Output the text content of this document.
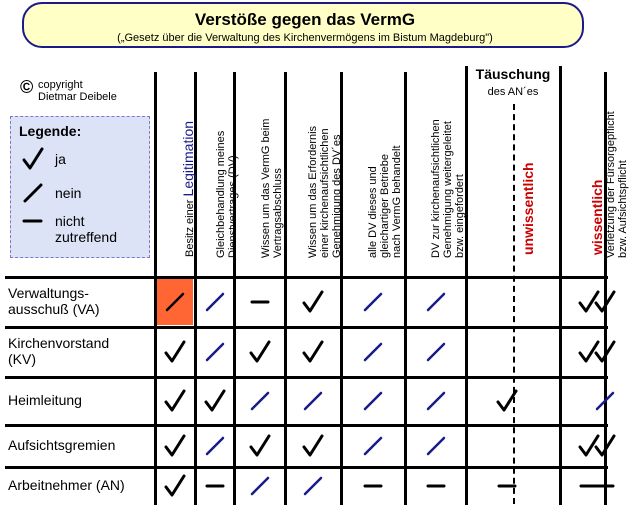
Verstöße gegen das VermG
(„Gesetz über die Verwaltung des Kirchenvermögens im Bistum Magdeburg")
© copyright
Dietmar Deibele
Legende:
ja
nein
nicht
zutreffend
Täuschung
des AN´es
Besitz einer Legitimation Gleichbehandlung meines Dienstvertrages (DV) Wissen um das VermG beim Vertragsabschluss Wissen um das Erfordernis einer kirchenaufsichtlichen Genehmigung des DV´es alle DV dieses und gleichartiger Betriebe nach VermG behandelt DV zur kirchenaufsichtlichen Genehmigung weitergeleitet bzw. eingefordert	unwissentlich	wissentlich Verletzung der Fürsorgepflicht bzw. Aufsichtspflicht
Verwaltungs-
ausschuß (VA)
Kirchenvorstand
(KV)
Heimleitung
Aufsichtsgremien
Arbeitnehmer (AN)
